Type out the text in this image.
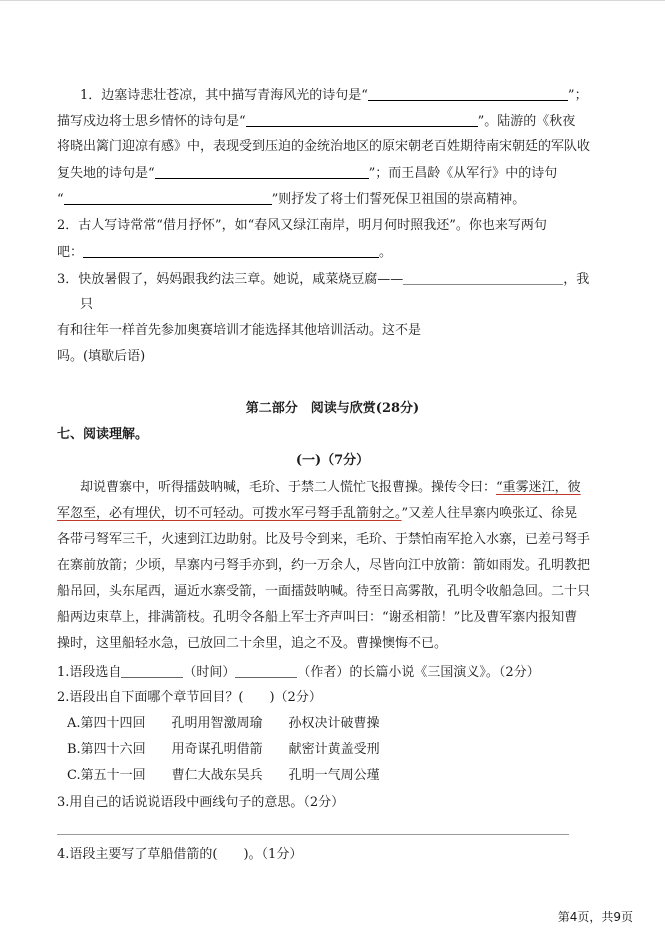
1．边塞诗悲壮苍凉，其中描写青海风光的诗句是“	”；
描写戍边将士思乡情怀的诗句是“	”。陆游的《秋夜
将晓出篱门迎凉有感》中，表现受到压迫的金统治地区的原宋朝老百姓期待南宋朝廷的军队收
复失地的诗句是“	”；而王昌龄《从军行》中的诗句
“	”则抒发了将士们誓死保卫祖国的崇高精神。
2．古人写诗常常“借月抒怀”，如“春风又绿江南岸，明月何时照我还”。你也来写两句
吧：	。
3．快放暑假了，妈妈跟我约法三章。她说，咸菜烧豆腐——	，我
只
有和往年一样首先参加奥赛培训才能选择其他培训活动。这不是
吗。(填歇后语)
第二部分　阅读与欣赏(28分)
七、阅读理解。
(一)（7分）
却说曹寨中，听得擂鼓呐喊，毛玠、于禁二人慌忙飞报曹操。操传令曰：“重雾迷江，彼
军忽至，必有埋伏，切不可轻动。可拨水军弓弩手乱箭射之。”又差人往旱寨内唤张辽、徐晃
各带弓弩军三千，火速到江边助射。比及号令到来，毛玠、于禁怕南军抢入水寨，已差弓弩手
在寨前放箭；少顷，旱寨内弓弩手亦到，约一万余人，尽皆向江中放箭：箭如雨发。孔明教把
船吊回，头东尾西，逼近水寨受箭，一面擂鼓呐喊。待至日高雾散，孔明令收船急回。二十只
船两边束草上，排满箭枝。孔明令各船上军士齐声叫曰：“谢丞相箭！”比及曹军寨内报知曹
操时，这里船轻水急，已放回二十余里，追之不及。曹操懊悔不已。
1.语段选自	（时间）	（作者）的长篇小说《三国演义》。（2分）
2.语段出自下面哪个章节回目？(　　)（2分）
A.第四十四回　　孔明用智激周瑜　　孙权决计破曹操
B.第四十六回　　用奇谋孔明借箭　　献密计黄盖受刑
C.第五十一回　　曹仁大战东吴兵　　孔明一气周公瑾
3.用自己的话说说语段中画线句子的意思。（2分）
4.语段主要写了草船借箭的(　　)。（1分）
第4页，共9页
